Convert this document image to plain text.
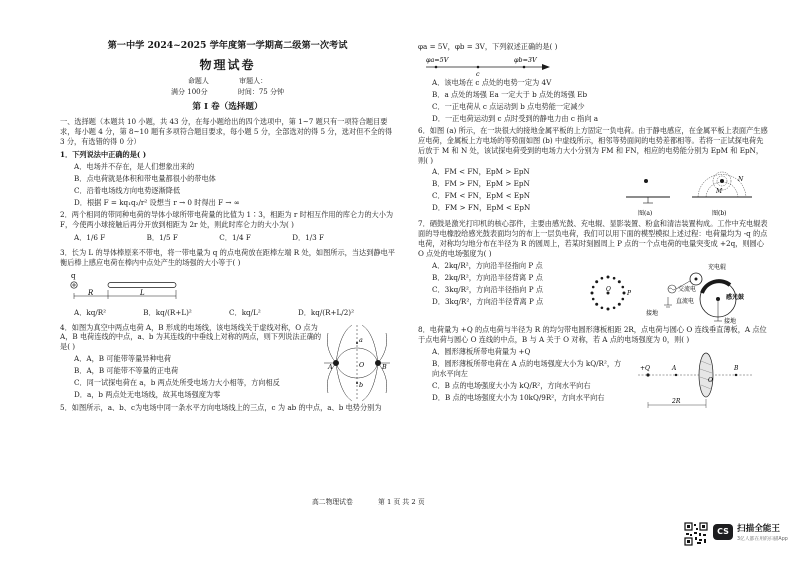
第一中学 2024~2025 学年度第一学期高二级第一次考试
物理试卷
命题人	审题人：
满分 100分	时间：75 分钟
第 I 卷（选择题）

一、选择题（本题共 10 小题，共 43 分，在每小题给出的四个选项中，第 1~7 题只有一项符合题目要求，每小题 4 分，第 8~10 题有多项符合题目要求，每小题 5 分，全部选对的得 5 分，选对但不全的得 3 分，有选错的得 0 分）

1．下列说法中正确的是( )

A．电场并不存在，是人们想象出来的

B．点电荷就是体积和带电量都很小的带电体

C．沿着电场线方向电势逐渐降低

D．根据 F = kq₁q₂/r² 设想当 r → 0 时得出 F → ∞

2．两个相同的带同种电荷的导体小球所带电荷量的比值为 1∶3，相距为 r 时相互作用的库仑力的大小为 F，今使两小球接触后再分开放到相距为 2r 处，则此时库仑力的大小为( )

A．1/6 F	B．1/5 F	C．1/4 F	D．1/3 F

3．长为 L 的导体棒原来不带电，将一带电量为 q 的点电荷放在距棒左端 R 处，如图所示，当达到静电平衡后棒上感应电荷在棒内中点处产生的场强的大小等于( )

q
R	L
A．kq/R²	B．kq/(R+L)²	C．kq/L²	D．kq/(R+L/2)²

4．如图为真空中两点电荷 A，B 形成的电场线，该电场线关于虚线对称，O 点为 A，B 电荷连线的中点，a、b 为其连线的中垂线上对称的两点，则下列说法正确的是( )

A．A，B 可能带等量异种电荷

B．A，B 可能带不等量的正电荷

C．同一试探电荷在 a，b 两点处所受电场力大小相等，方向相反

D．a，b 两点处无电场线，故其电场强度为零

a
b
O
A	B

5．如图所示，a、b、c为电场中同一条水平方向电场线上的三点，c 为 ab 的中点，a、b 电势分别为

φa = 5V，φb = 3V，下列叙述正确的是( )

φa=5V	φb=3V
c

A．该电场在 c 点处的电势一定为 4V

B．a 点处的场强 Ea 一定大于 b 点处的场强 Eb

C．一正电荷从 c 点运动到 b 点电势能一定减少

D．一正电荷运动到 c 点时受到的静电力由 c 指向 a

6．如图 (a) 所示，在一块很大的接地金属平板的上方固定一负电荷。由于静电感应，在金属平板上表面产生感应电荷，金属板上方电场的等势面如图 (b) 中虚线所示，相邻等势面间的电势差都相等。若将一正试探电荷先后放于 M 和 N 处，该试探电荷受到的电场力大小分别为 FM 和 FN，相应的电势能分别为 EpM 和 EpN，则( )

A．FM < FN，EpM > EpN

B．FM > FN，EpM > EpN

C．FM < FN，EpM < EpN

D．FM > FN，EpM < EpN

图(a)
M
N
图(b)

7．硒鼓是激光打印机的核心部件，主要由感光鼓、充电辊、显影装置、粉盒和清洁装置构成。工作中充电辊表面的导电橡胶给感光鼓表面均匀的布上一层负电荷，我们可以用下面的模型模拟上述过程：电荷量均为 -q 的点电荷，对称均匀地分布在半径为 R 的圆周上，若某时刻圆周上 P 点的一个点电荷的电量突变成 +2q，则圆心 O 点处的电场强度为( )

A．2kq/R²，方向沿半径指向 P 点

B．2kq/R²，方向沿半径背离 P 点

C．3kq/R²，方向沿半径指向 P 点

D．3kq/R²，方向沿半径背离 P 点

P
O
充电辊
交流电
直流电
感光鼓
接地
接地

8．电荷量为 +Q 的点电荷与半径为 R 的均匀带电圆形薄板相距 2R，点电荷与圆心 O 连线垂直薄板，A 点位于点电荷与圆心 O 连线的中点，B 与 A 关于 O 对称，若 A 点的电场强度为 0，则( )

A．圆形薄板所带电荷量为 +Q

B．圆形薄板所带电荷在 A 点的电场强度大小为 kQ/R²，方向水平向左

C．B 点的电场强度大小为 kQ/R²，方向水平向右

D．B 点的电场强度大小为 10kQ/9R²，方向水平向右

+Q	A
O
B
2R
高二物理试卷	第 1 页 共 2 页
CS 扫描全能王
3亿人都在用的扫描App
